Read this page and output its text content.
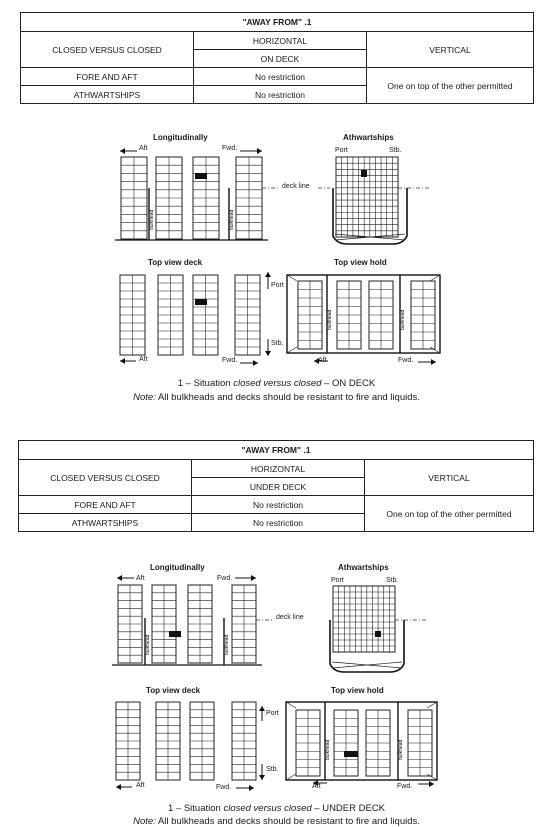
"AWAY FROM" .1		
CLOSED VERSUS CLOSED	HORIZONTAL	VERTICAL
	ON DECK	
FORE AND AFT	No restriction	One on top of the other permitted
ATHWARTSHIPS	No restriction	
"AWAY FROM" .1		
CLOSED VERSUS CLOSED	HORIZONTAL	VERTICAL
	UNDER DECK	
FORE AND AFT	No restriction	One on top of the other permitted
ATHWARTSHIPS	No restriction	
bulkhead	bulkhead
bulkhead	bulkhead
bulkhead	bulkhead
bulkhead	bulkhead
Longitudinally	Athwartships
Aft	Fwd.	Port	Stb.
deck line
Top view deck	Top view hold
Port
Stb.
Aft	Fwd.	Aft	Fwd.
1 – Situation closed versus closed – ON DECK
Note: All bulkheads and decks should be resistant to fire and liquids.
Longitudinally	Athwartships
Aft	Fwd.	Port	Stb.
deck line
Top view deck	Top view hold
Port
Stb.
Aft	Fwd.	Aft	Fwd.
1 – Situation closed versus closed – UNDER DECK
Note: All bulkheads and decks should be resistant to fire and liquids.
